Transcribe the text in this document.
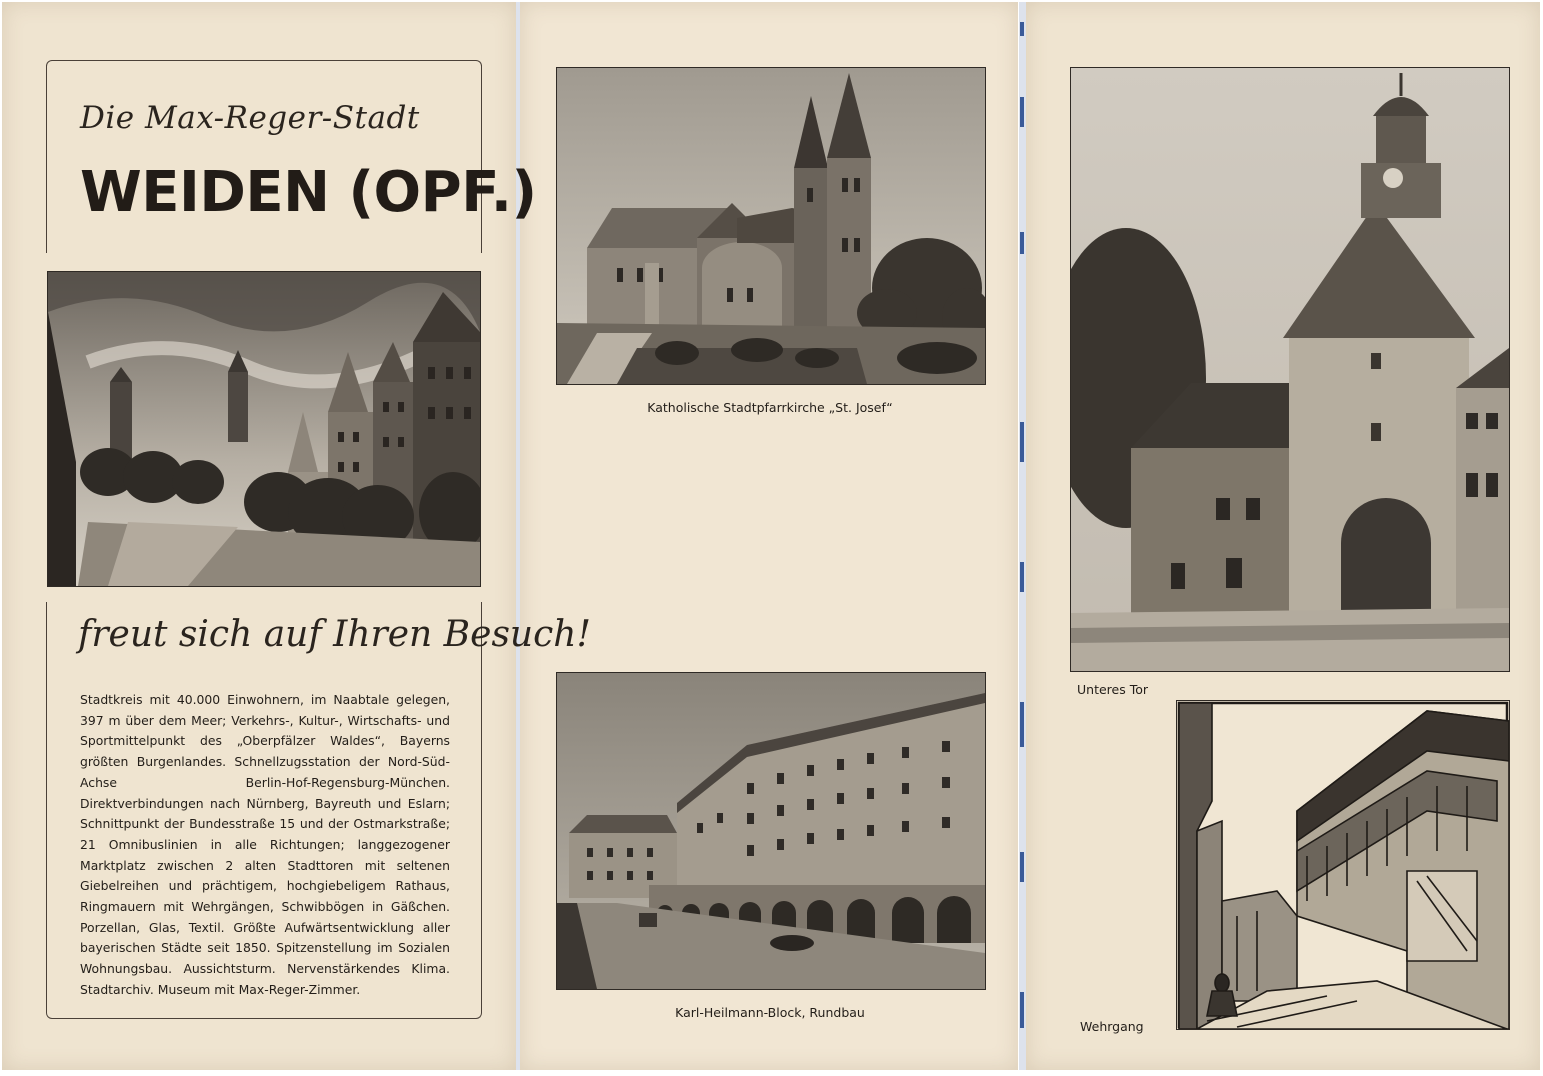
Die Max-Reger-Stadt
WEIDEN (OPF.)
freut sich auf Ihren Besuch!
Stadtkreis mit 40.000 Einwohnern, im Naabtale gelegen, 397 m über dem Meer; Verkehrs-, Kultur-, Wirtschafts- und Sportmittelpunkt des „Oberpfälzer Waldes“, Bayerns größten Burgenlandes. Schnellzugsstation der Nord-Süd-Achse Berlin-Hof-Regensburg-München. Direktverbindungen nach Nürnberg, Bayreuth und Eslarn; Schnittpunkt der Bundesstraße 15 und der Ostmarkstraße; 21 Omnibuslinien in alle Richtungen; langgezogener Marktplatz zwischen 2 alten Stadttoren mit seltenen Giebelreihen und prächtigem, hochgiebeligem Rathaus, Ringmauern mit Wehrgängen, Schwibbögen in Gäßchen. Porzellan, Glas, Textil. Größte Aufwärtsentwicklung aller bayerischen Städte seit 1850. Spitzenstellung im Sozialen Wohnungsbau. Aussichtsturm. Nervenstärkendes Klima. Stadtarchiv. Museum mit Max-Reger-Zimmer.
Katholische Stadtpfarrkirche „St. Josef“
Karl-Heilmann-Block, Rundbau
Unteres Tor
Wehrgang
